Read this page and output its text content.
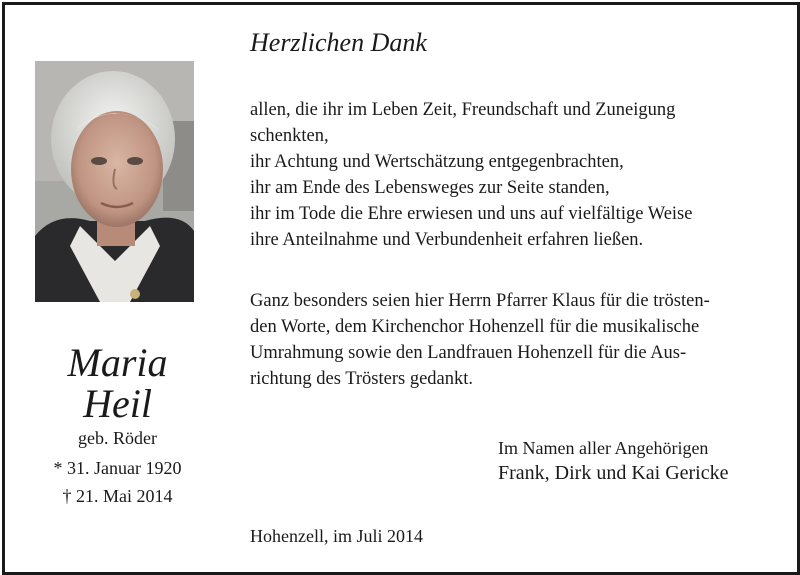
Herzlichen Dank
Maria
Heil
geb. Röder
* 31. Januar 1920
† 21. Mai 2014
allen, die ihr im Leben Zeit, Freundschaft und Zuneigung
schenkten,
ihr Achtung und Wertschätzung entgegenbrachten,
ihr am Ende des Lebensweges zur Seite standen,
ihr im Tode die Ehre erwiesen und uns auf vielfältige Weise
ihre Anteilnahme und Verbundenheit erfahren ließen.
Ganz besonders seien hier Herrn Pfarrer Klaus für die trösten-
den Worte, dem Kirchenchor Hohenzell für die musikalische
Umrahmung sowie den Landfrauen Hohenzell für die Aus-
richtung des Trösters gedankt.
Im Namen aller Angehörigen
Frank, Dirk und Kai Gericke
Hohenzell, im Juli 2014
